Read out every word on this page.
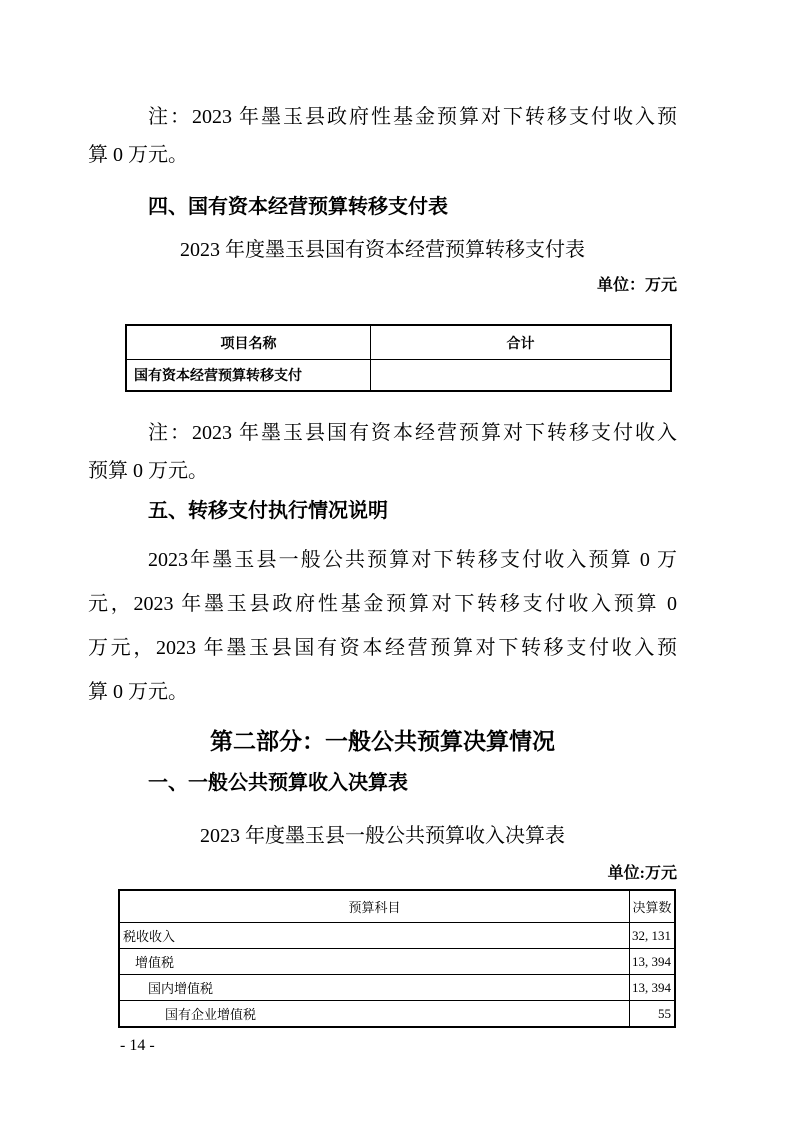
注：2023 年墨玉县政府性基金预算对下转移支付收入预
算 0 万元。
四、国有资本经营预算转移支付表
2023 年度墨玉县国有资本经营预算转移支付表
单位：万元
项目名称	合计
国有资本经营预算转移支付	
注：2023 年墨玉县国有资本经营预算对下转移支付收入
预算 0 万元。
五、转移支付执行情况说明
2023年墨玉县一般公共预算对下转移支付收入预算 0 万
元，2023 年墨玉县政府性基金预算对下转移支付收入预算 0
万元，2023 年墨玉县国有资本经营预算对下转移支付收入预
算 0 万元。
第二部分：一般公共预算决算情况
一、一般公共预算收入决算表
2023 年度墨玉县一般公共预算收入决算表
单位:万元
预算科目	决算数
税收收入	32, 131
增值税	13, 394
国内增值税	13, 394
国有企业增值税	55
- 14 -
